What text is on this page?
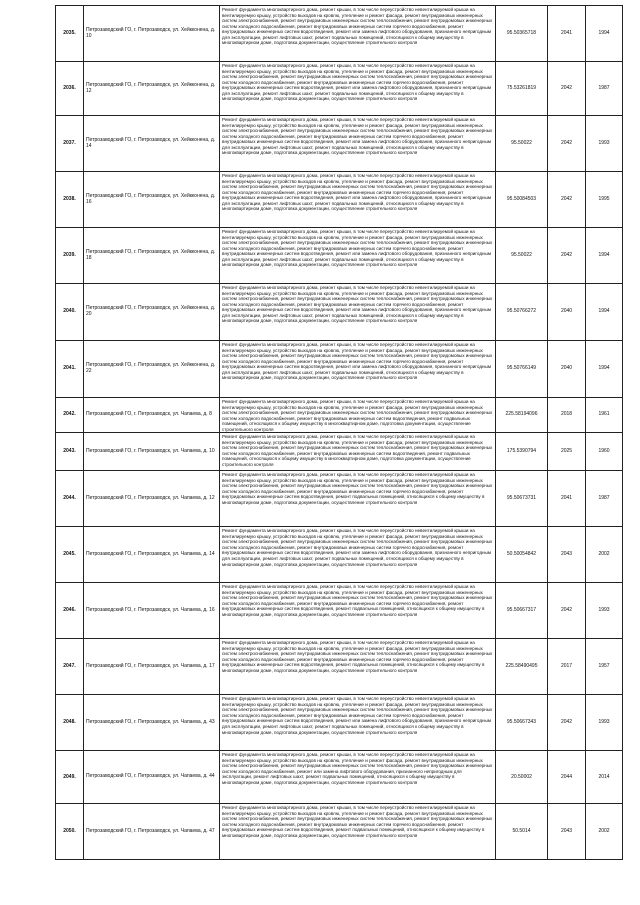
2035.	Петрозаводский ГО, г. Петрозаводск, ул. Хейкконена, д. 10	Ремонт фундамента многоквартирного дома, ремонт крыши, в том числе переустройство невентилируемой крыши на вентилируемую крышу, устройство выходов на кровлю, утепление и ремонт фасада, ремонт внутридомовых инженерных систем электроснабжения, ремонт внутридомовых инженерных систем теплоснабжения, ремонт внутридомовых инженерных систем холодного водоснабжения, ремонт внутридомовых инженерных систем горячего водоснабжения, ремонт внутридомовых инженерных систем водоотведения, ремонт или замена лифтового оборудования, признанного непригодным для эксплуатации, ремонт лифтовых шахт, ремонт подвальных помещений, относящихся к общему имуществу в многоквартирном доме, подготовка документации, осуществление строительного контроля	95.50365718	2041	1994
2036.	Петрозаводский ГО, г. Петрозаводск, ул. Хейкконена, д. 12	Ремонт фундамента многоквартирного дома, ремонт крыши, в том числе переустройство невентилируемой крыши на вентилируемую крышу, устройство выходов на кровлю, утепление и ремонт фасада, ремонт внутридомовых инженерных систем электроснабжения, ремонт внутридомовых инженерных систем теплоснабжения, ремонт внутридомовых инженерных систем холодного водоснабжения, ремонт внутридомовых инженерных систем горячего водоснабжения, ремонт внутридомовых инженерных систем водоотведения, ремонт или замена лифтового оборудования, признанного непригодным для эксплуатации, ремонт лифтовых шахт, ремонт подвальных помещений, относящихся к общему имуществу в многоквартирном доме, подготовка документации, осуществление строительного контроля	75.53261819	2042	1987
2037.	Петрозаводский ГО, г. Петрозаводск, ул. Хейкконена, д. 14	Ремонт фундамента многоквартирного дома, ремонт крыши, в том числе переустройство невентилируемой крыши на вентилируемую крышу, устройство выходов на кровлю, утепление и ремонт фасада, ремонт внутридомовых инженерных систем электроснабжения, ремонт внутридомовых инженерных систем теплоснабжения, ремонт внутридомовых инженерных систем холодного водоснабжения, ремонт внутридомовых инженерных систем горячего водоснабжения, ремонт внутридомовых инженерных систем водоотведения, ремонт или замена лифтового оборудования, признанного непригодным для эксплуатации, ремонт лифтовых шахт, ремонт подвальных помещений, относящихся к общему имуществу в многоквартирном доме, подготовка документации, осуществление строительного контроля	95.50022	2042	1993
2038.	Петрозаводский ГО, г. Петрозаводск, ул. Хейкконена, д. 16	Ремонт фундамента многоквартирного дома, ремонт крыши, в том числе переустройство невентилируемой крыши на вентилируемую крышу, устройство выходов на кровлю, утепление и ремонт фасада, ремонт внутридомовых инженерных систем электроснабжения, ремонт внутридомовых инженерных систем теплоснабжения, ремонт внутридомовых инженерных систем холодного водоснабжения, ремонт внутридомовых инженерных систем горячего водоснабжения, ремонт внутридомовых инженерных систем водоотведения, ремонт или замена лифтового оборудования, признанного непригодным для эксплуатации, ремонт лифтовых шахт, ремонт подвальных помещений, относящихся к общему имуществу в многоквартирном доме, подготовка документации, осуществление строительного контроля	95.50084503	2042	1995
2039.	Петрозаводский ГО, г. Петрозаводск, ул. Хейкконена, д. 18	Ремонт фундамента многоквартирного дома, ремонт крыши, в том числе переустройство невентилируемой крыши на вентилируемую крышу, устройство выходов на кровлю, утепление и ремонт фасада, ремонт внутридомовых инженерных систем электроснабжения, ремонт внутридомовых инженерных систем теплоснабжения, ремонт внутридомовых инженерных систем холодного водоснабжения, ремонт внутридомовых инженерных систем горячего водоснабжения, ремонт внутридомовых инженерных систем водоотведения, ремонт или замена лифтового оборудования, признанного непригодным для эксплуатации, ремонт лифтовых шахт, ремонт подвальных помещений, относящихся к общему имуществу в многоквартирном доме, подготовка документации, осуществление строительного контроля	95.50022	2042	1994
2040.	Петрозаводский ГО, г. Петрозаводск, ул. Хейкконена, д. 20	Ремонт фундамента многоквартирного дома, ремонт крыши, в том числе переустройство невентилируемой крыши на вентилируемую крышу, устройство выходов на кровлю, утепление и ремонт фасада, ремонт внутридомовых инженерных систем электроснабжения, ремонт внутридомовых инженерных систем теплоснабжения, ремонт внутридомовых инженерных систем холодного водоснабжения, ремонт внутридомовых инженерных систем горячего водоснабжения, ремонт внутридомовых инженерных систем водоотведения, ремонт или замена лифтового оборудования, признанного непригодным для эксплуатации, ремонт лифтовых шахт, ремонт подвальных помещений, относящихся к общему имуществу в многоквартирном доме, подготовка документации, осуществление строительного контроля	95.50766272	2040	1994
2041.	Петрозаводский ГО, г. Петрозаводск, ул. Хейкконена, д. 22	Ремонт фундамента многоквартирного дома, ремонт крыши, в том числе переустройство невентилируемой крыши на вентилируемую крышу, устройство выходов на кровлю, утепление и ремонт фасада, ремонт внутридомовых инженерных систем электроснабжения, ремонт внутридомовых инженерных систем теплоснабжения, ремонт внутридомовых инженерных систем холодного водоснабжения, ремонт внутридомовых инженерных систем горячего водоснабжения, ремонт внутридомовых инженерных систем водоотведения, ремонт или замена лифтового оборудования, признанного непригодным для эксплуатации, ремонт лифтовых шахт, ремонт подвальных помещений, относящихся к общему имуществу в многоквартирном доме, подготовка документации, осуществление строительного контроля	95.50766149	2040	1994
2042.	Петрозаводский ГО, г. Петрозаводск, ул. Чапаева, д. 8	Ремонт фундамента многоквартирного дома, ремонт крыши, в том числе переустройство невентилируемой крыши на вентилируемую крышу, устройство выходов на кровлю, утепление и ремонт фасада, ремонт внутридомовых инженерных систем электроснабжения, ремонт внутридомовых инженерных систем теплоснабжения, ремонт внутридомовых инженерных систем холодного водоснабжения, ремонт внутридомовых инженерных систем водоотведения, ремонт подвальных помещений, относящихся к общему имуществу в многоквартирном доме, подготовка документации, осуществление строительного контроля	225.58194096	2018	1961
2043.	Петрозаводский ГО, г. Петрозаводск, ул. Чапаева, д. 10	Ремонт фундамента многоквартирного дома, ремонт крыши, в том числе переустройство невентилируемой крыши на вентилируемую крышу, устройство выходов на кровлю, утепление и ремонт фасада, ремонт внутридомовых инженерных систем электроснабжения, ремонт внутридомовых инженерных систем теплоснабжения, ремонт внутридомовых инженерных систем холодного водоснабжения, ремонт внутридомовых инженерных систем водоотведения, ремонт подвальных помещений, относящихся к общему имуществу в многоквартирном доме, подготовка документации, осуществление строительного контроля	175.5390794	2025	1960
2044.	Петрозаводский ГО, г. Петрозаводск, ул. Чапаева, д. 12	Ремонт фундамента многоквартирного дома, ремонт крыши, в том числе переустройство невентилируемой крыши на вентилируемую крышу, устройство выходов на кровлю, утепление и ремонт фасада, ремонт внутридомовых инженерных систем электроснабжения, ремонт внутридомовых инженерных систем теплоснабжения, ремонт внутридомовых инженерных систем холодного водоснабжения, ремонт внутридомовых инженерных систем горячего водоснабжения, ремонт внутридомовых инженерных систем водоотведения, ремонт подвальных помещений, относящихся к общему имуществу в многоквартирном доме, подготовка документации, осуществление строительного контроля	95.50673731	2041	1987
2045.	Петрозаводский ГО, г. Петрозаводск, ул. Чапаева, д. 14	Ремонт фундамента многоквартирного дома, ремонт крыши, в том числе переустройство невентилируемой крыши на вентилируемую крышу, устройство выходов на кровлю, утепление и ремонт фасада, ремонт внутридомовых инженерных систем электроснабжения, ремонт внутридомовых инженерных систем теплоснабжения, ремонт внутридомовых инженерных систем холодного водоснабжения, ремонт внутридомовых инженерных систем горячего водоснабжения, ремонт внутридомовых инженерных систем водоотведения, ремонт или замена лифтового оборудования, признанного непригодным для эксплуатации, ремонт лифтовых шахт, ремонт подвальных помещений, относящихся к общему имуществу в многоквартирном доме, подготовка документации, осуществление строительного контроля	50.50054842	2043	2002
2046.	Петрозаводский ГО, г. Петрозаводск, ул. Чапаева, д. 16	Ремонт фундамента многоквартирного дома, ремонт крыши, в том числе переустройство невентилируемой крыши на вентилируемую крышу, устройство выходов на кровлю, утепление и ремонт фасада, ремонт внутридомовых инженерных систем электроснабжения, ремонт внутридомовых инженерных систем теплоснабжения, ремонт внутридомовых инженерных систем холодного водоснабжения, ремонт внутридомовых инженерных систем горячего водоснабжения, ремонт внутридомовых инженерных систем водоотведения, ремонт подвальных помещений, относящихся к общему имуществу в многоквартирном доме, подготовка документации, осуществление строительного контроля	95.50667317	2042	1993
2047.	Петрозаводский ГО, г. Петрозаводск, ул. Чапаева, д. 17	Ремонт фундамента многоквартирного дома, ремонт крыши, в том числе переустройство невентилируемой крыши на вентилируемую крышу, устройство выходов на кровлю, утепление и ремонт фасада, ремонт внутридомовых инженерных систем электроснабжения, ремонт внутридомовых инженерных систем теплоснабжения, ремонт внутридомовых инженерных систем холодного водоснабжения, ремонт внутридомовых инженерных систем горячего водоснабжения, ремонт внутридомовых инженерных систем водоотведения, ремонт подвальных помещений, относящихся к общему имуществу в многоквартирном доме, подготовка документации, осуществление строительного контроля	225.58490495	2017	1957
2048.	Петрозаводский ГО, г. Петрозаводск, ул. Чапаева, д. 43	Ремонт фундамента многоквартирного дома, ремонт крыши, в том числе переустройство невентилируемой крыши на вентилируемую крышу, устройство выходов на кровлю, утепление и ремонт фасада, ремонт внутридомовых инженерных систем электроснабжения, ремонт внутридомовых инженерных систем теплоснабжения, ремонт внутридомовых инженерных систем холодного водоснабжения, ремонт внутридомовых инженерных систем горячего водоснабжения, ремонт внутридомовых инженерных систем водоотведения, ремонт или замена лифтового оборудования, признанного непригодным для эксплуатации, ремонт лифтовых шахт, ремонт подвальных помещений, относящихся к общему имуществу в многоквартирном доме, подготовка документации, осуществление строительного контроля	95.50667343	2042	1993
2049.	Петрозаводский ГО, г. Петрозаводск, ул. Чапаева, д. 44	Ремонт фундамента многоквартирного дома, ремонт крыши, в том числе переустройство невентилируемой крыши на вентилируемую крышу, устройство выходов на кровлю, утепление и ремонт фасада, ремонт внутридомовых инженерных систем электроснабжения, ремонт внутридомовых инженерных систем теплоснабжения, ремонт внутридомовых инженерных систем холодного водоснабжения, ремонт или замена лифтового оборудования, признанного непригодным для эксплуатации, ремонт лифтовых шахт, ремонт подвальных помещений, относящихся к общему имуществу в многоквартирном доме, подготовка документации, осуществление строительного контроля	20.50002	2044	2014
2050.	Петрозаводский ГО, г. Петрозаводск, ул. Чапаева, д. 47	Ремонт фундамента многоквартирного дома, ремонт крыши, в том числе переустройство невентилируемой крыши на вентилируемую крышу, устройство выходов на кровлю, утепление и ремонт фасада, ремонт внутридомовых инженерных систем электроснабжения, ремонт внутридомовых инженерных систем теплоснабжения, ремонт внутридомовых инженерных систем холодного водоснабжения, ремонт внутридомовых инженерных систем горячего водоснабжения, ремонт внутридомовых инженерных систем водоотведения, ремонт подвальных помещений, относящихся к общему имуществу в многоквартирном доме, подготовка документации, осуществление строительного контроля	50.5014	2043	2002
